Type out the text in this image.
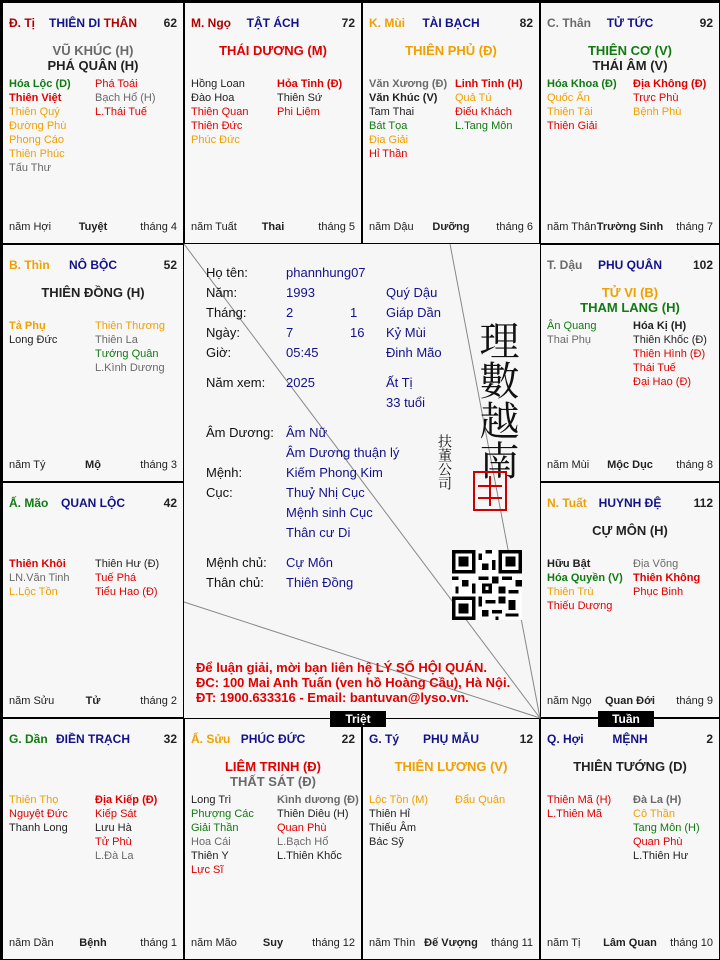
Đ. Tị	THIÊN DI THÂN	62
VŨ KHÚC (H)
PHÁ QUÂN (H)
Hóa Lộc (D)
Thiên Việt
Thiên Quý
Đường Phù
Phong Cáo
Thiên Phúc
Tấu Thư
Phá Toái
Bạch Hổ (H)
L.Thái Tuế
năm Hợi	Tuyệt	tháng 4
M. Ngọ	TẬT ÁCH	72
THÁI DƯƠNG (M)
Hồng Loan
Đào Hoa
Thiên Quan
Thiên Đức
Phúc Đức
Hỏa Tinh (Đ)
Thiên Sứ
Phi Liêm
năm Tuất	Thai	tháng 5
K. Mùi	TÀI BẠCH	82
THIÊN PHỦ (Đ)
Văn Xương (Đ)
Văn Khúc (V)
Tam Thai
Bát Tọa
Địa Giải
Hỉ Thần
Linh Tinh (H)
Quả Tú
Điếu Khách
L.Tang Môn
năm Dậu	Dưỡng	tháng 6
C. Thân	TỬ TỨC	92
THIÊN CƠ (V)
THÁI ÂM (V)
Hóa Khoa (Đ)
Quốc Ấn
Thiên Tài
Thiên Giải
Địa Không (Đ)
Trực Phù
Bệnh Phù
năm Thân Trường Sinh	tháng 7
B. Thìn	NÔ BỘC	52
THIÊN ĐỒNG (H)
Tả Phụ
Long Đức
Thiên Thương
Thiên La
Tướng Quân
L.Kình Dương
năm Tý	Mộ	tháng 3
T. Dậu	PHU QUÂN	102
TỬ VI (B)
THAM LANG (H)
Ân Quang
Thai Phụ
Hóa Kị (H)
Thiên Khốc (Đ)
Thiên Hình (Đ)
Thái Tuế
Đại Hao (Đ)
năm Mùi	Mộc Dục	tháng 8
Ấ. Mão	QUAN LỘC	42
Thiên Khôi
LN.Văn Tinh
L.Lộc Tồn
Thiên Hư (Đ)
Tuế Phá
Tiểu Hao (Đ)
năm Sửu	Tử	tháng 2
N. Tuất HUYNH ĐỆ	112
CỰ MÔN (H)
Hữu Bật
Hóa Quyền (V)
Thiên Trù
Thiếu Dương
Địa Võng
Thiên Không
Phục Binh
năm Ngọ	Quan Đới	tháng 9
G. Dần ĐIỀN TRẠCH	32
Thiên Thọ
Nguyệt Đức
Thanh Long
Địa Kiếp (Đ)
Kiếp Sát
Lưu Hà
Tử Phù
L.Đà La
năm Dần	Bệnh	tháng 1
Ấ. Sửu PHÚC ĐỨC	22
LIÊM TRINH (Đ)
THẤT SÁT (Đ)
Long Trì
Phượng Các
Giải Thần
Hoa Cái
Thiên Y
Lực Sĩ
Kình dương (Đ)
Thiên Diêu (H)
Quan Phù
L.Bạch Hổ
L.Thiên Khốc
năm Mão	Suy	tháng 12
G. Tý	PHỤ MẪU	12
THIÊN LƯƠNG (V)
Lộc Tồn (M)
Thiên Hỉ
Thiếu Âm
Bác Sỹ
Đẩu Quân
năm Thìn Đế Vượng	tháng 11
Q. Hợi	MỆNH	2
THIÊN TƯỚNG (D)
Thiên Mã (H)
L.Thiên Mã
Đà La (H)
Cô Thần
Tang Môn (H)
Quan Phù
L.Thiên Hư
năm Tị	Lâm Quan	tháng 10
Họ tên:	phannhung07
Năm:	1993	Quý Dậu
Tháng:	2	1 Giáp Dần
Ngày:	7	16 Kỷ Mùi
Giờ:	05:45	Đinh Mão
Năm xem: 2025	Ất Tị
33 tuổi
Âm Dương: Âm Nữ
Âm Dương thuận lý
Mệnh:	Kiếm Phong Kim
Cục:	Thuỷ Nhị Cục
Mệnh sinh Cục
Thân cư Di
Mệnh chủ: Cự Môn
Thân chủ: Thiên Đồng
理數越南
扶董公司
Để luận giải, mời bạn liên hệ LÝ SỐ HỘI QUÁN.
ĐC: 100 Mai Anh Tuấn (ven hồ Hoàng Cầu), Hà Nội.
ĐT: 1900.633316 - Email: bantuvan@lyso.vn.
Triệt	Tuần
